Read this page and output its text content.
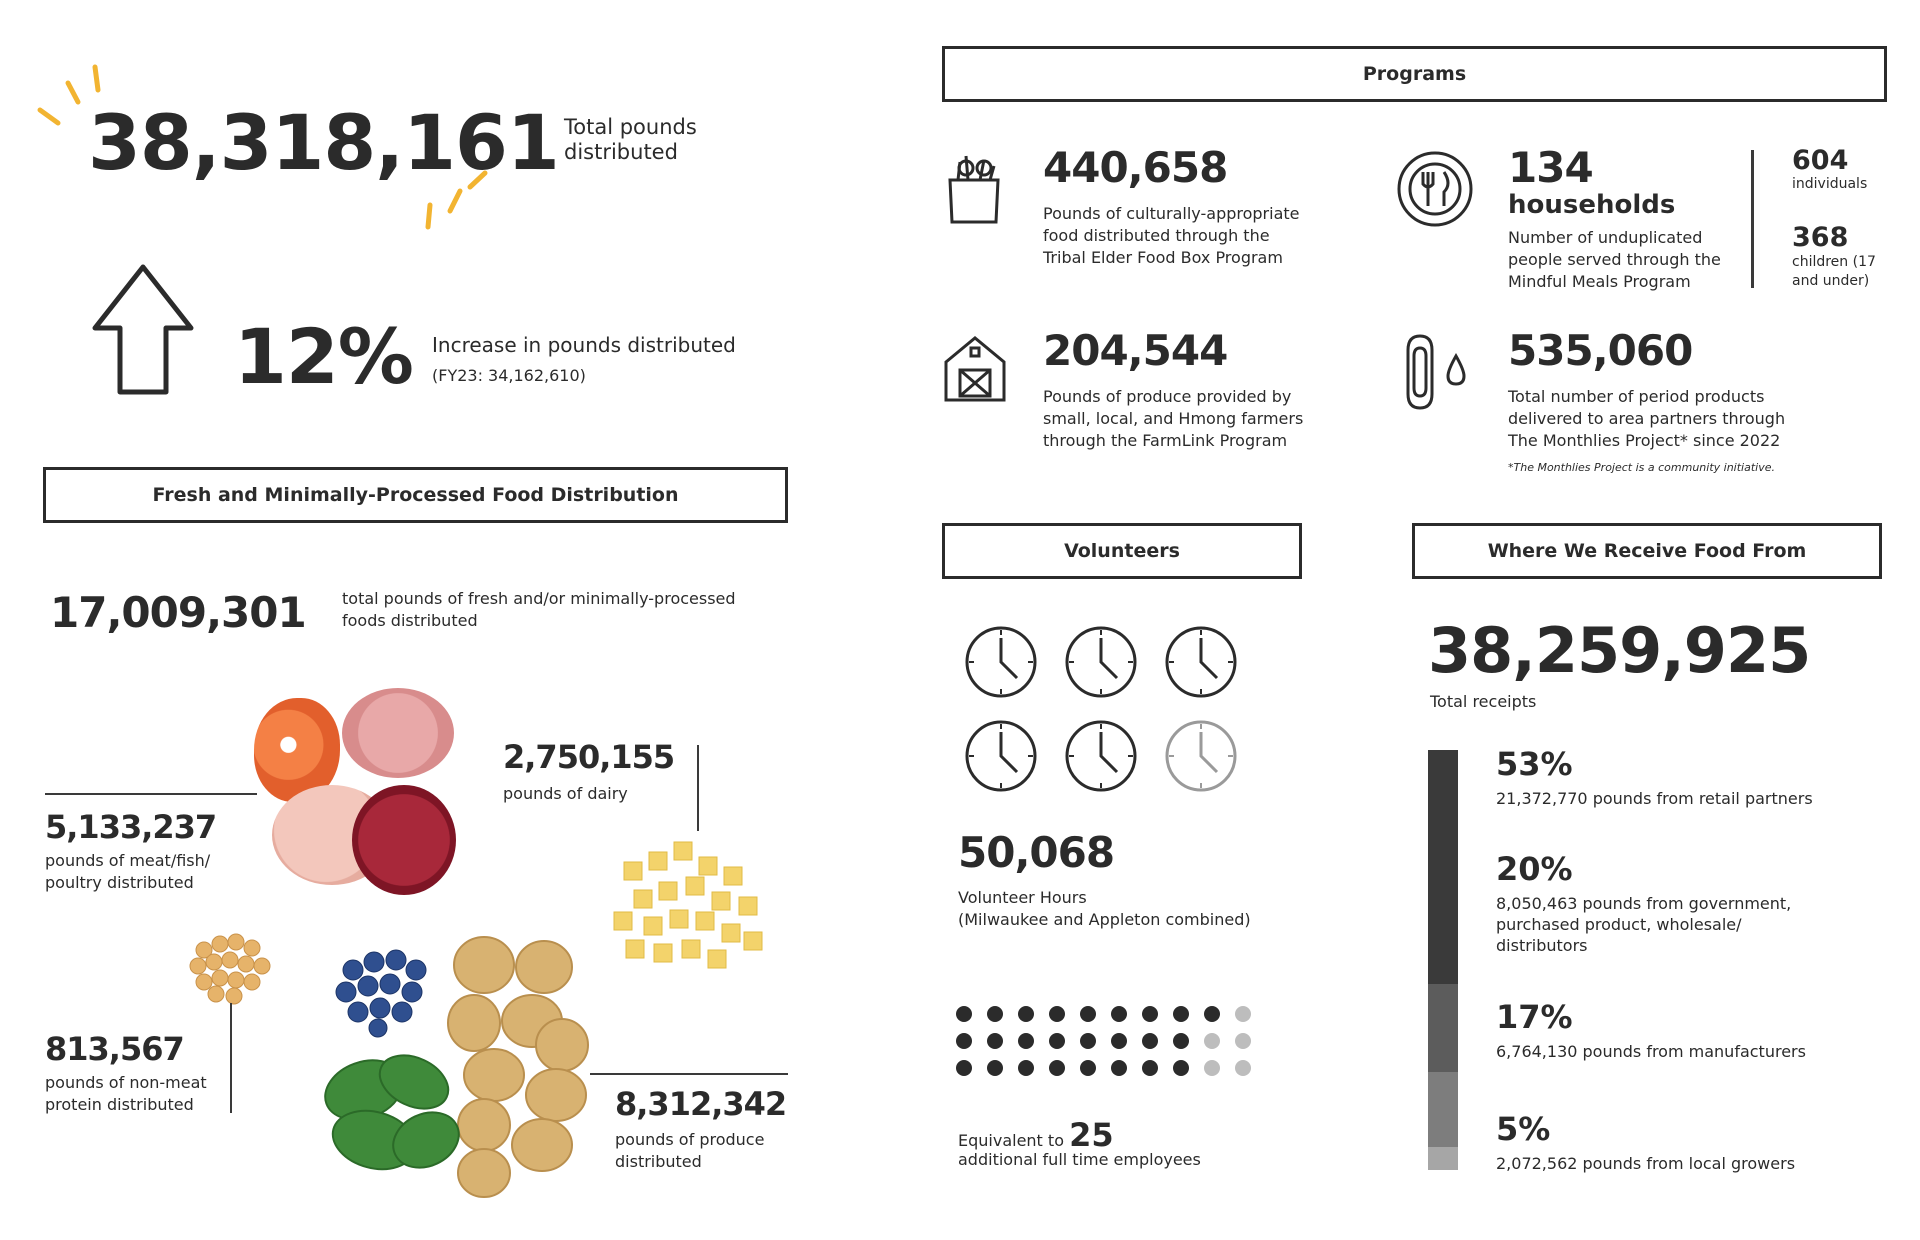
38,318,161 Total pounds distributed
12% Increase in pounds distributed
(FY23: 34,162,610)
Fresh and Minimally-Processed Food Distribution
17,009,301 total pounds of fresh and/or minimally-processed foods distributed
5,133,237
pounds of meat/fish/
poultry distributed
2,750,155
pounds of dairy
813,567
pounds of non-meat
protein distributed	8,312,342
pounds of produce
distributed
Programs
440,658
Pounds of culturally-appropriate
food distributed through the
Tribal Elder Food Box Program
134
households
Number of unduplicated
people served through the
Mindful Meals Program
604
individuals
368
children (17
and under)
204,544
Pounds of produce provided by
small, local, and Hmong farmers
through the FarmLink Program
535,060
Total number of period products
delivered to area partners through
The Monthlies Project* since 2022
*The Monthlies Project is a community initiative.
Volunteers
50,068
Volunteer Hours
(Milwaukee and Appleton combined)
Equivalent to 25
additional full time employees
Where We Receive Food From
38,259,925
Total receipts
53%
21,372,770 pounds from retail partners
20%
8,050,463 pounds from government,
purchased product, wholesale/
distributors
17%
6,764,130 pounds from manufacturers
5%
2,072,562 pounds from local growers
